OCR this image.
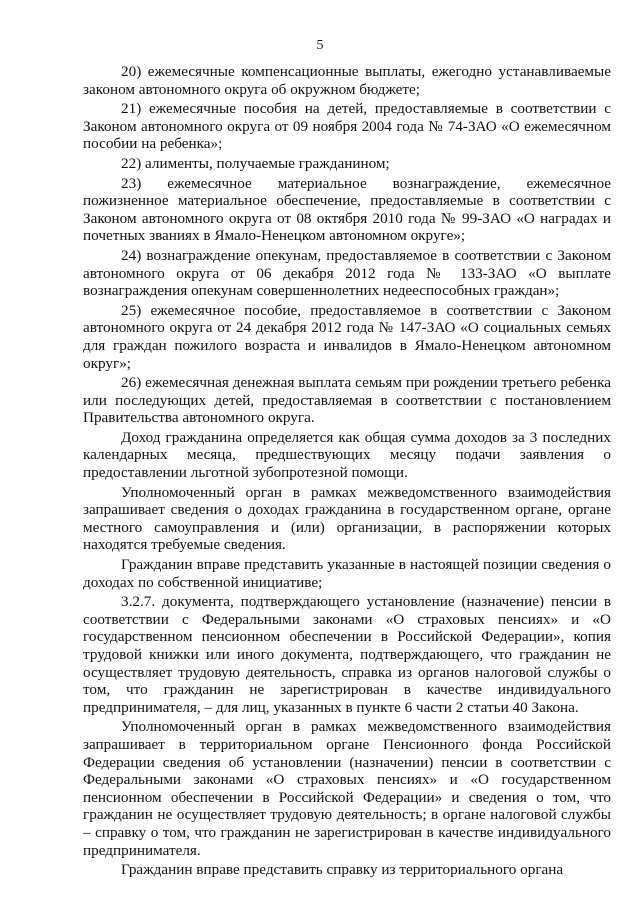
5

20) ежемесячные компенсационные выплаты, ежегодно устанавливаемые законом автономного округа об окружном бюджете;

21) ежемесячные пособия на детей, предоставляемые в соответствии с Законом автономного округа от 09 ноября 2004 года № 74-ЗАО «О ежемесячном пособии на ребенка»;

22) алименты, получаемые гражданином;

23) ежемесячное материальное вознаграждение, ежемесячное пожизненное материальное обеспечение, предоставляемые в соответствии с Законом автономного округа от 08 октября 2010 года № 99-ЗАО «О наградах и почетных званиях в Ямало-Ненецком автономном округе»;

24) вознаграждение опекунам, предоставляемое в соответствии с Законом автономного округа от 06 декабря 2012 года № 133-ЗАО «О выплате вознаграждения опекунам совершеннолетних недееспособных граждан»;

25) ежемесячное пособие, предоставляемое в соответствии с Законом автономного округа от 24 декабря 2012 года № 147-ЗАО «О социальных семьях для граждан пожилого возраста и инвалидов в Ямало-Ненецком автономном округ»;

26) ежемесячная денежная выплата семьям при рождении третьего ребенка или последующих детей, предоставляемая в соответствии с постановлением Правительства автономного округа.

Доход гражданина определяется как общая сумма доходов за 3 последних календарных месяца, предшествующих месяцу подачи заявления о предоставлении льготной зубопротезной помощи.

Уполномоченный орган в рамках межведомственного взаимодействия запрашивает сведения о доходах гражданина в государственном органе, органе местного самоуправления и (или) организации, в распоряжении которых находятся требуемые сведения.

Гражданин вправе представить указанные в настоящей позиции сведения о доходах по собственной инициативе;

3.2.7. документа, подтверждающего установление (назначение) пенсии в соответствии с Федеральными законами «О страховых пенсиях» и «О государственном пенсионном обеспечении в Российской Федерации», копия трудовой книжки или иного документа, подтверждающего, что гражданин не осуществляет трудовую деятельность, справка из органов налоговой службы о том, что гражданин не зарегистрирован в качестве индивидуального предпринимателя, – для лиц, указанных в пункте 6 части 2 статьи 40 Закона.

Уполномоченный орган в рамках межведомственного взаимодействия запрашивает в территориальном органе Пенсионного фонда Российской Федерации сведения об установлении (назначении) пенсии в соответствии с Федеральными законами «О страховых пенсиях» и «О государственном пенсионном обеспечении в Российской Федерации» и сведения о том, что гражданин не осуществляет трудовую деятельность; в органе налоговой службы – справку о том, что гражданин не зарегистрирован в качестве индивидуального предпринимателя.

Гражданин вправе представить справку из территориального органа
